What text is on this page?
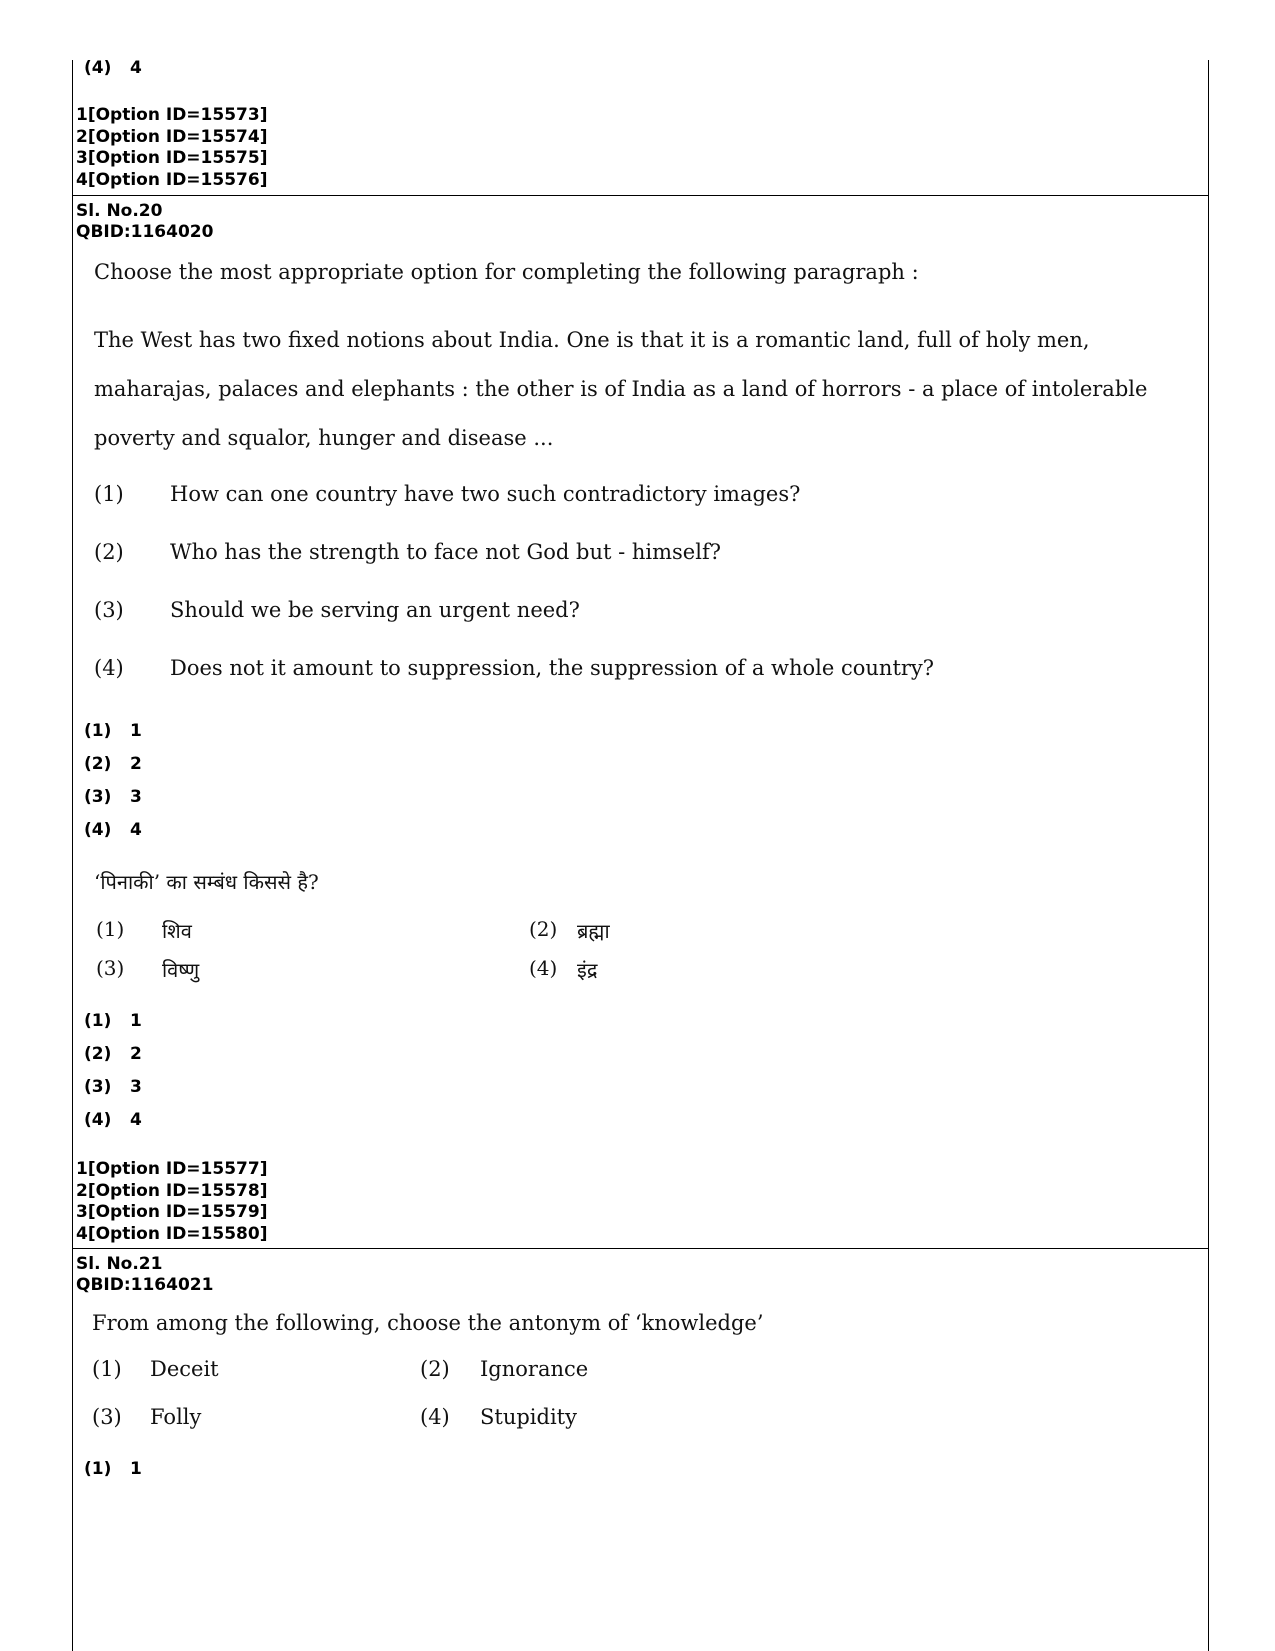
(4) 4
1[Option ID=15573]
2[Option ID=15574]
3[Option ID=15575]
4[Option ID=15576]
Sl. No.20
QBID:1164020
Choose the most appropriate option for completing the following paragraph :
The West has two fixed notions about India. One is that it is a romantic land, full of holy men, maharajas, palaces and elephants : the other is of India as a land of horrors - a place of intolerable poverty and squalor, hunger and disease ...
(1) How can one country have two such contradictory images?
(2) Who has the strength to face not God but - himself?
(3) Should we be serving an urgent need?
(4) Does not it amount to suppression, the suppression of a whole country?
(1) 1
(2) 2
(3) 3
(4) 4
‘पिनाकी’ का सम्बंध किससे है?
(1) शिव	(2) ब्रह्मा
(3) विष्णु	(4) इंद्र
(1) 1
(2) 2
(3) 3
(4) 4
1[Option ID=15577]
2[Option ID=15578]
3[Option ID=15579]
4[Option ID=15580]
Sl. No.21
QBID:1164021
From among the following, choose the antonym of ‘knowledge’
(1) Deceit	(2) Ignorance
(3) Folly	(4) Stupidity
(1) 1
